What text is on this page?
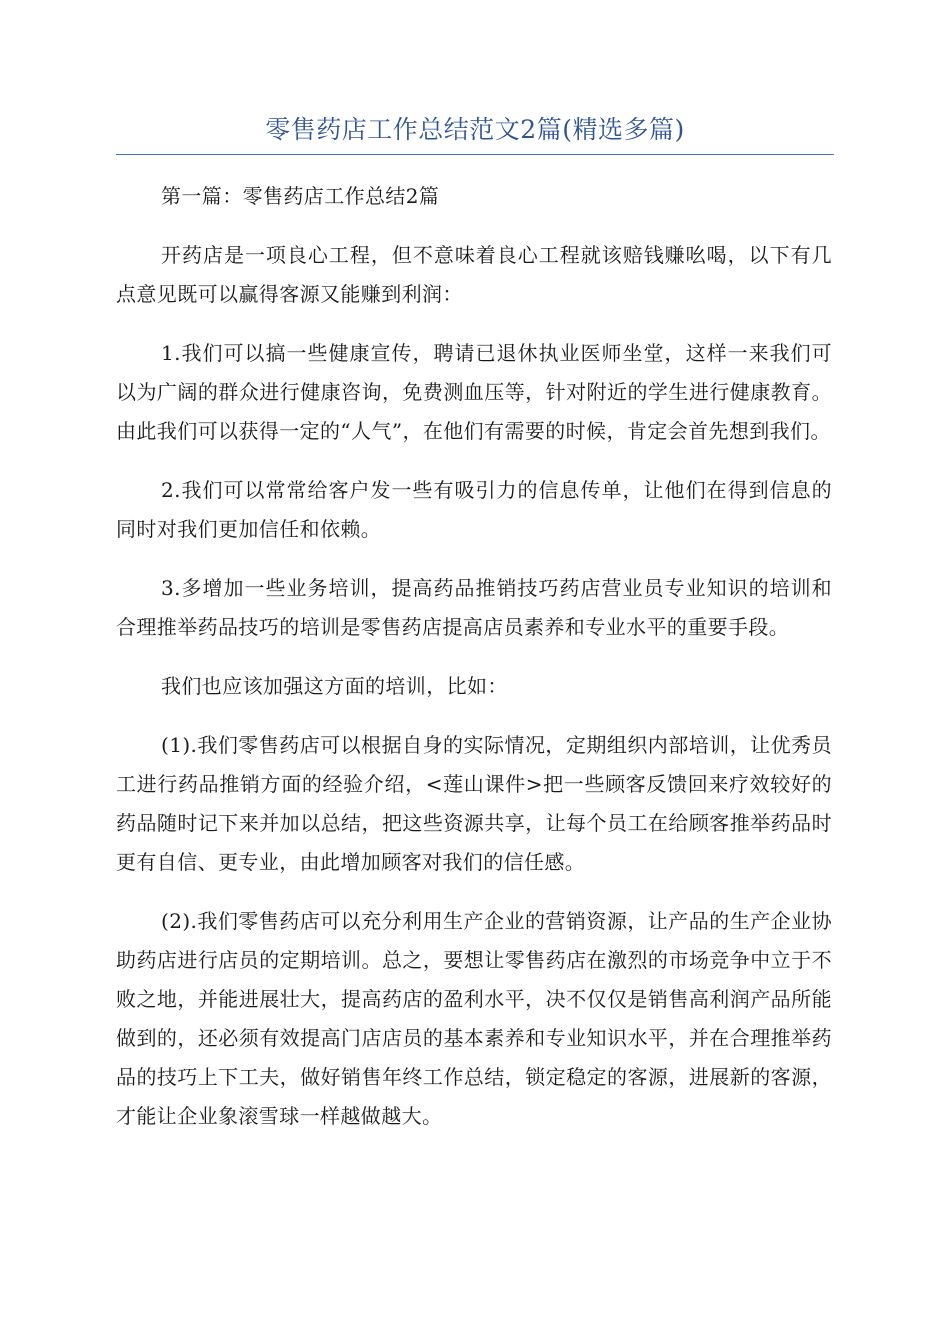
零售药店工作总结范文2篇(精选多篇)

第一篇：零售药店工作总结2篇

开药店是一项良心工程，但不意味着良心工程就该赔钱赚吆喝，以下有几点意见既可以赢得客源又能赚到利润：

1.我们可以搞一些健康宣传，聘请已退休执业医师坐堂，这样一来我们可以为广阔的群众进行健康咨询，免费测血压等，针对附近的学生进行健康教育。由此我们可以获得一定的“人气”，在他们有需要的时候，肯定会首先想到我们。

2.我们可以常常给客户发一些有吸引力的信息传单，让他们在得到信息的同时对我们更加信任和依赖。

3.多增加一些业务培训，提高药品推销技巧药店营业员专业知识的培训和合理推举药品技巧的培训是零售药店提高店员素养和专业水平的重要手段。

我们也应该加强这方面的培训，比如：

(1).我们零售药店可以根据自身的实际情况，定期组织内部培训，让优秀员工进行药品推销方面的经验介绍，<莲山课件>把一些顾客反馈回来疗效较好的药品随时记下来并加以总结，把这些资源共享，让每个员工在给顾客推举药品时更有自信、更专业，由此增加顾客对我们的信任感。

(2).我们零售药店可以充分利用生产企业的营销资源，让产品的生产企业协助药店进行店员的定期培训。总之，要想让零售药店在激烈的市场竞争中立于不败之地，并能进展壮大，提高药店的盈利水平，决不仅仅是销售高利润产品所能做到的，还必须有效提高门店店员的基本素养和专业知识水平，并在合理推举药品的技巧上下工夫，做好销售年终工作总结，锁定稳定的客源，进展新的客源，才能让企业象滚雪球一样越做越大。
